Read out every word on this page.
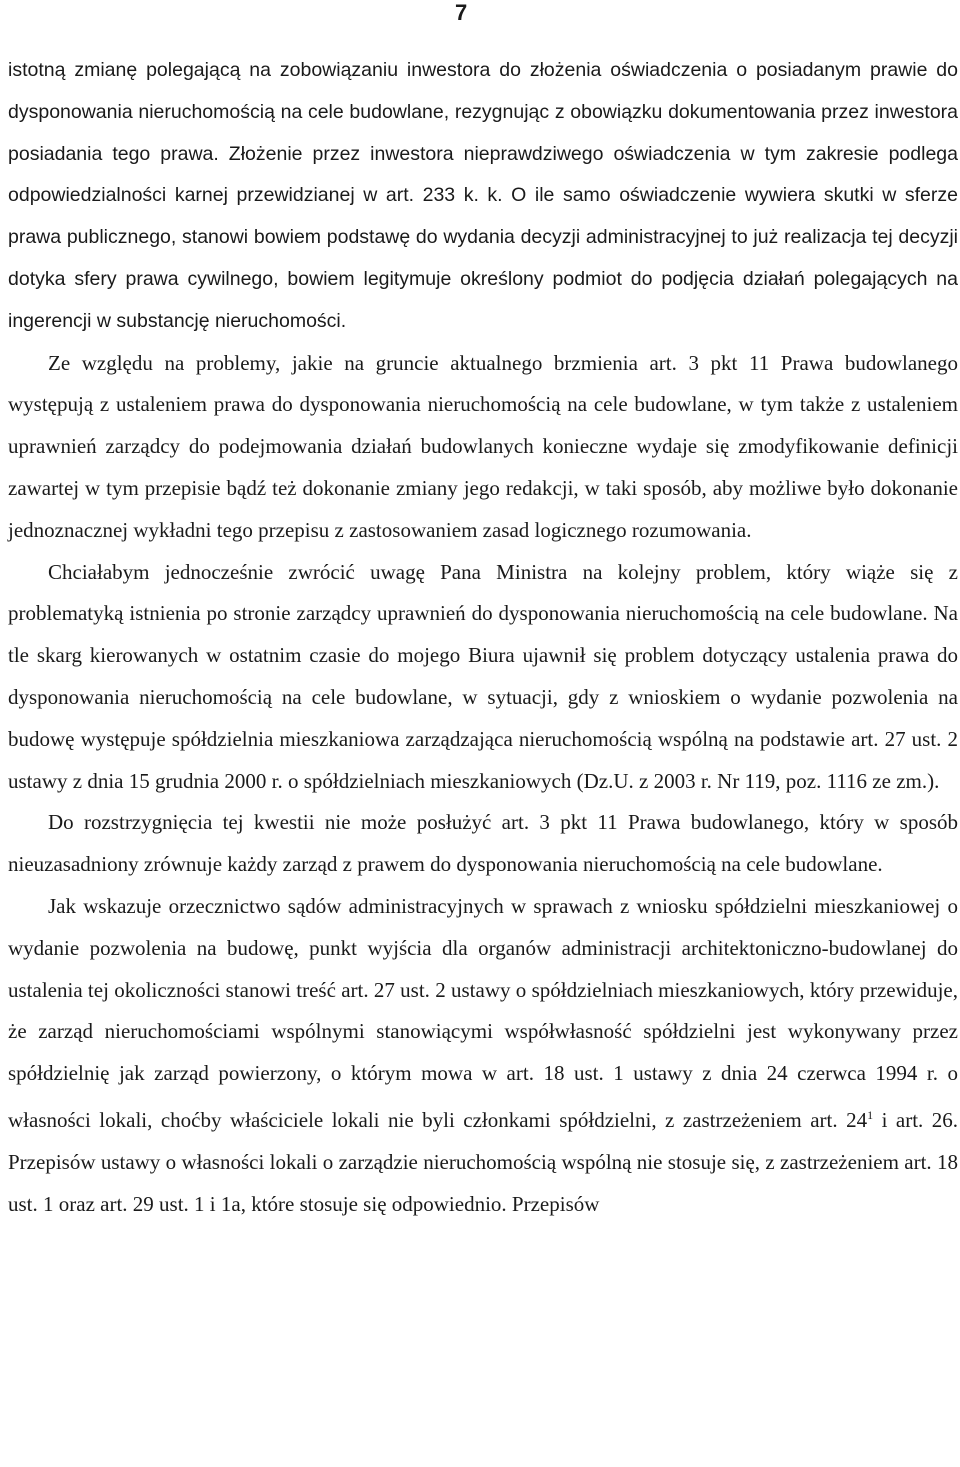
7

istotną zmianę polegającą na zobowiązaniu inwestora do złożenia oświadczenia o posiadanym prawie do dysponowania nieruchomością na cele budowlane, rezygnując z obowiązku dokumentowania przez inwestora posiadania tego prawa. Złożenie przez inwestora nieprawdziwego oświadczenia w tym zakresie podlega odpowiedzialności karnej przewidzianej w art. 233 k. k. O ile samo oświadczenie wywiera skutki w sferze prawa publicznego, stanowi bowiem podstawę do wydania decyzji administracyjnej to już realizacja tej decyzji dotyka sfery prawa cywilnego, bowiem legitymuje określony podmiot do podjęcia działań polegających na ingerencji w substancję nieruchomości.

Ze względu na problemy, jakie na gruncie aktualnego brzmienia art. 3 pkt 11 Prawa budowlanego występują z ustaleniem prawa do dysponowania nieruchomością na cele budowlane, w tym także z ustaleniem uprawnień zarządcy do podejmowania działań budowlanych konieczne wydaje się zmodyfikowanie definicji zawartej w tym przepisie bądź też dokonanie zmiany jego redakcji, w taki sposób, aby możliwe było dokonanie jednoznacznej wykładni tego przepisu z zastosowaniem zasad logicznego rozumowania.

Chciałabym jednocześnie zwrócić uwagę Pana Ministra na kolejny problem, który wiąże się z problematyką istnienia po stronie zarządcy uprawnień do dysponowania nieruchomością na cele budowlane. Na tle skarg kierowanych w ostatnim czasie do mojego Biura ujawnił się problem dotyczący ustalenia prawa do dysponowania nieruchomością na cele budowlane, w sytuacji, gdy z wnioskiem o wydanie pozwolenia na budowę występuje spółdzielnia mieszkaniowa zarządzająca nieruchomością wspólną na podstawie art. 27 ust. 2 ustawy z dnia 15 grudnia 2000 r. o spółdzielniach mieszkaniowych (Dz.U. z 2003 r. Nr 119, poz. 1116 ze zm.).

Do rozstrzygnięcia tej kwestii nie może posłużyć art. 3 pkt 11 Prawa budowlanego, który w sposób nieuzasadniony zrównuje każdy zarząd z prawem do dysponowania nieruchomością na cele budowlane.

Jak wskazuje orzecznictwo sądów administracyjnych w sprawach z wniosku spółdzielni mieszkaniowej o wydanie pozwolenia na budowę, punkt wyjścia dla organów administracji architektoniczno-budowlanej do ustalenia tej okoliczności stanowi treść art. 27 ust. 2 ustawy o spółdzielniach mieszkaniowych, który przewiduje, że zarząd nieruchomościami wspólnymi stanowiącymi współwłasność spółdzielni jest wykonywany przez spółdzielnię jak zarząd powierzony, o którym mowa w art. 18 ust. 1 ustawy z dnia 24 czerwca 1994 r. o własności lokali, choćby właściciele lokali nie byli członkami spółdzielni, z zastrzeżeniem art. $24^1$ i art. 26. Przepisów ustawy o własności lokali o zarządzie nieruchomością wspólną nie stosuje się, z zastrzeżeniem art. 18 ust. 1 oraz art. 29 ust. 1 i 1a, które stosuje się odpowiednio. Przepisów
